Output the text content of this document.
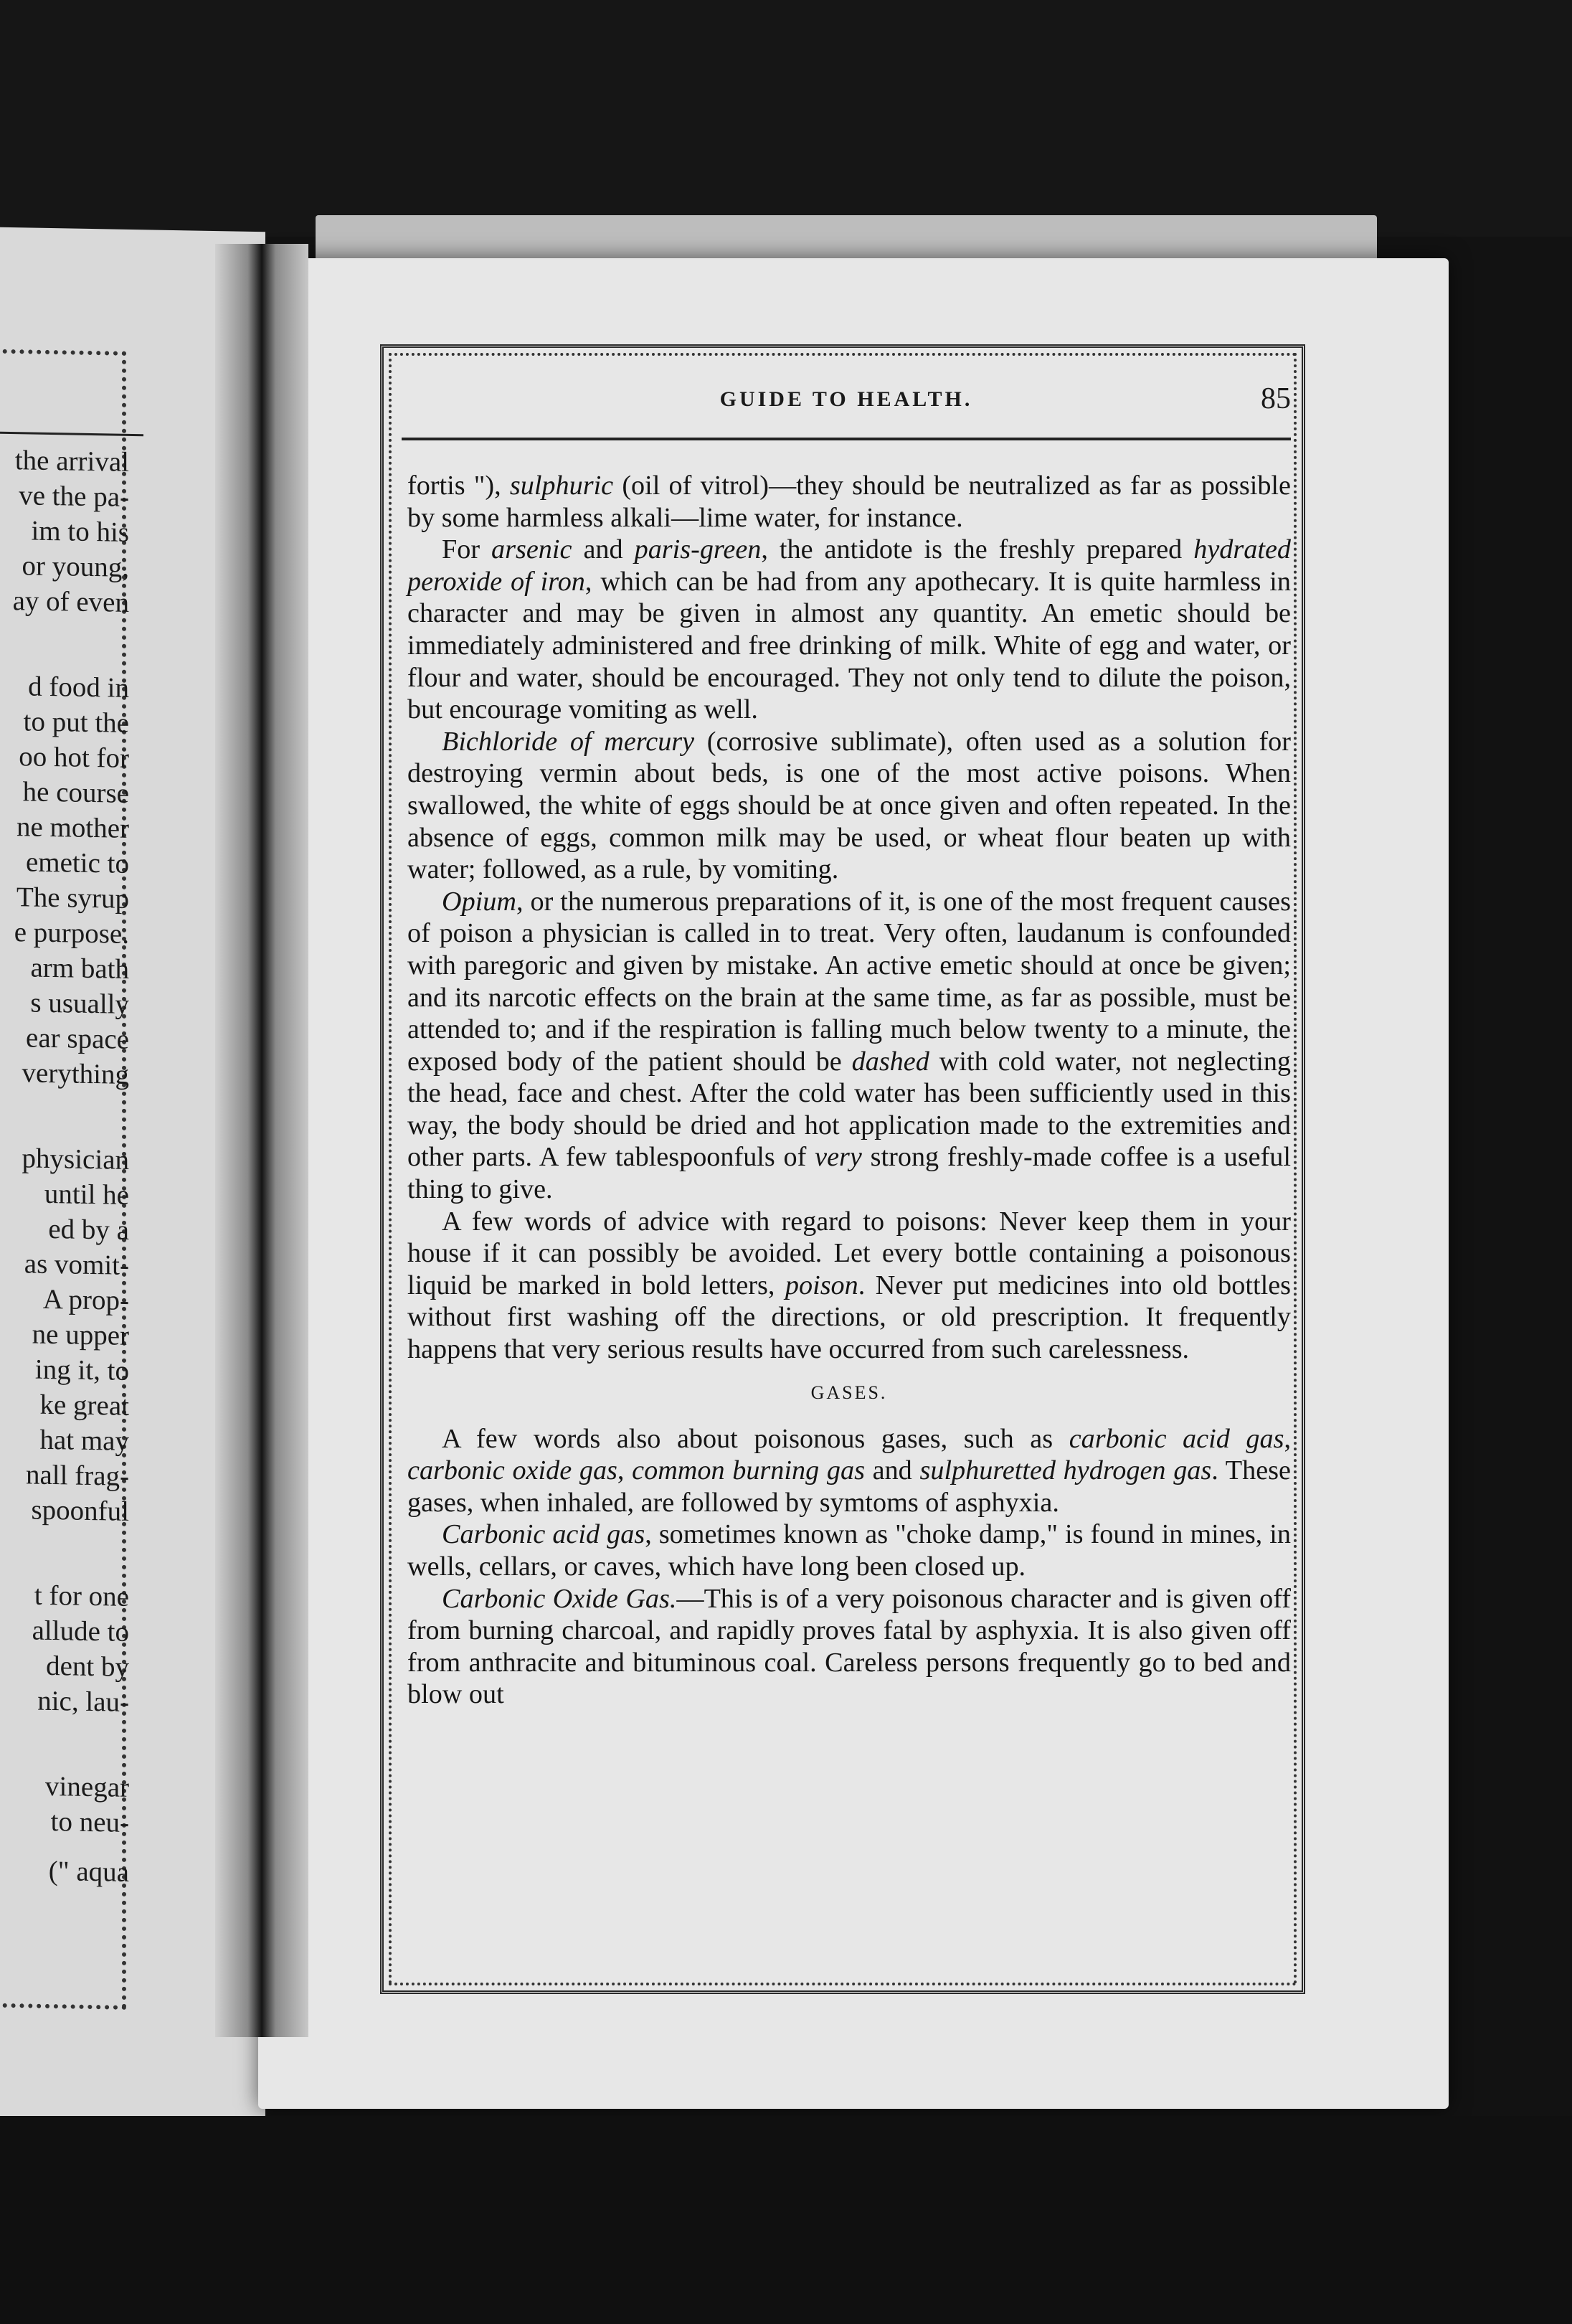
the arrival
ve the pa-
im to his
or young,
ay of even
d food in
to put the
oo hot for
he course
ne mother
emetic to
The syrup
e purpose.
arm bath
s usually
ear space
verything
physician
until he
ed by a
as vomit-
A prop-
ne upper
ing it, to
ke great
hat may
nall frag-
spoonful
t for one
allude to
dent by
nic, lau-
vinegar
to neu-
(" aqua
GUIDE TO HEALTH.	85

fortis "), sulphuric (oil of vitrol)—they should be neutralized as far as possible by some harmless alkali—lime water, for instance.

For arsenic and paris-green, the antidote is the freshly prepared hydrated peroxide of iron, which can be had from any apothecary. It is quite harmless in character and may be given in almost any quantity. An emetic should be immediately administered and free drinking of milk. White of egg and water, or flour and water, should be encouraged. They not only tend to dilute the poison, but encourage vomiting as well.

Bichloride of mercury (corrosive sublimate), often used as a solution for destroying vermin about beds, is one of the most active poisons. When swallowed, the white of eggs should be at once given and often repeated. In the absence of eggs, common milk may be used, or wheat flour beaten up with water; followed, as a rule, by vomiting.

Opium, or the numerous preparations of it, is one of the most frequent causes of poison a physician is called in to treat. Very often, laudanum is confounded with paregoric and given by mistake. An active emetic should at once be given; and its narcotic effects on the brain at the same time, as far as possible, must be attended to; and if the respiration is falling much below twenty to a minute, the exposed body of the patient should be dashed with cold water, not neglecting the head, face and chest. After the cold water has been sufficiently used in this way, the body should be dried and hot application made to the extremities and other parts. A few tablespoonfuls of very strong freshly-made coffee is a useful thing to give.

A few words of advice with regard to poisons: Never keep them in your house if it can possibly be avoided. Let every bottle containing a poisonous liquid be marked in bold letters, poison. Never put medicines into old bottles without first washing off the directions, or old prescription. It frequently happens that very serious results have occurred from such carelessness.

GASES.

A few words also about poisonous gases, such as carbonic acid gas, carbonic oxide gas, common burning gas and sulphuretted hydrogen gas. These gases, when inhaled, are followed by symtoms of asphyxia.

Carbonic acid gas, sometimes known as "choke damp," is found in mines, in wells, cellars, or caves, which have long been closed up.

Carbonic Oxide Gas.—This is of a very poisonous character and is given off from burning charcoal, and rapidly proves fatal by asphyxia. It is also given off from anthracite and bituminous coal. Careless persons frequently go to bed and blow out
